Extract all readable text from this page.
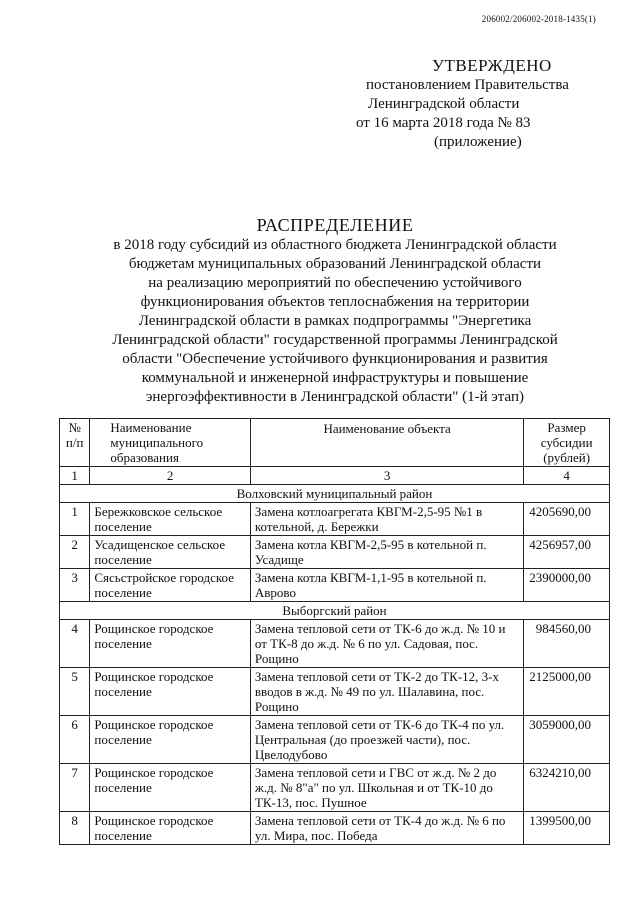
206002/206002-2018-1435(1)
УТВЕРЖДЕНО
постановлением Правительства
Ленинградской области
от 16 марта 2018 года № 83
(приложение)
РАСПРЕДЕЛЕНИЕ
в 2018 году субсидий из областного бюджета Ленинградской области
бюджетам муниципальных образований Ленинградской области
на реализацию мероприятий по обеспечению устойчивого
функционирования объектов теплоснабжения на территории
Ленинградской области в рамках подпрограммы "Энергетика
Ленинградской области" государственной программы Ленинградской
области "Обеспечение устойчивого функционирования и развития
коммунальной и инженерной инфраструктуры и повышение
энергоэффективности в Ленинградской области" (1-й этап)
№ п/п	Наименование муниципального образования	Наименование объекта	Размер субсидии (рублей)
1	2	3	4
Волховский муниципальный район			
1	Бережковское сельское поселение	Замена котлоагрегата КВГМ-2,5-95 №1 в котельной, д. Бережки	4205690,00
2	Усадищенское сельское поселение	Замена котла КВГМ-2,5-95 в котельной п. Усадище	4256957,00
3	Сясьстройское городское поселение	Замена котла КВГМ-1,1-95 в котельной п. Аврово	2390000,00
Выборгский район			
4	Рощинское городское поселение	Замена тепловой сети от ТК-6 до ж.д. № 10 и от ТК-8 до ж.д. № 6 по ул. Садовая, пос. Рощино	984560,00
5	Рощинское городское поселение	Замена тепловой сети от ТК-2 до ТК-12, 3-х вводов в ж.д. № 49 по ул. Шалавина, пос. Рощино	2125000,00
6	Рощинское городское поселение	Замена тепловой сети от ТК-6 до ТК-4 по ул. Центральная (до проезжей части), пос. Цвелодубово	3059000,00
7	Рощинское городское поселение	Замена тепловой сети и ГВС от ж.д. № 2 до ж.д. № 8"а" по ул. Школьная и от ТК-10 до ТК-13, пос. Пушное	6324210,00
8	Рощинское городское поселение	Замена тепловой сети от ТК-4 до ж.д. № 6 по ул. Мира, пос. Победа	1399500,00
